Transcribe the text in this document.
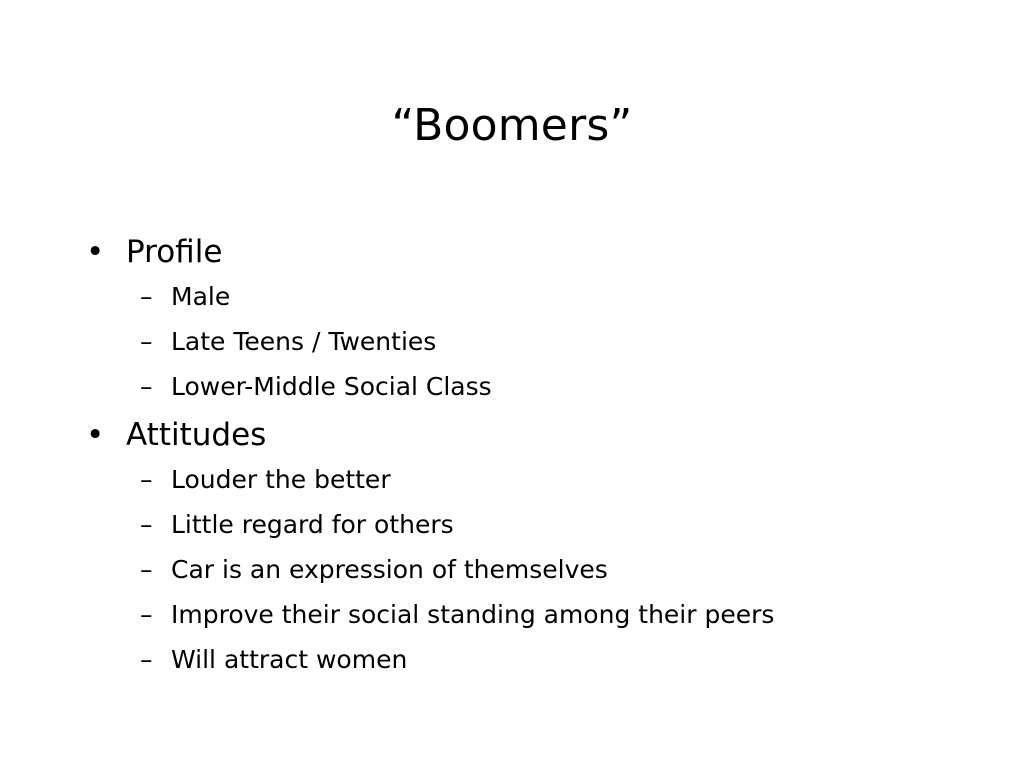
“Boomers”
• Profile
– Male
– Late Teens / Twenties
– Lower-Middle Social Class
• Attitudes
– Louder the better
– Little regard for others
– Car is an expression of themselves
– Improve their social standing among their peers
– Will attract women
